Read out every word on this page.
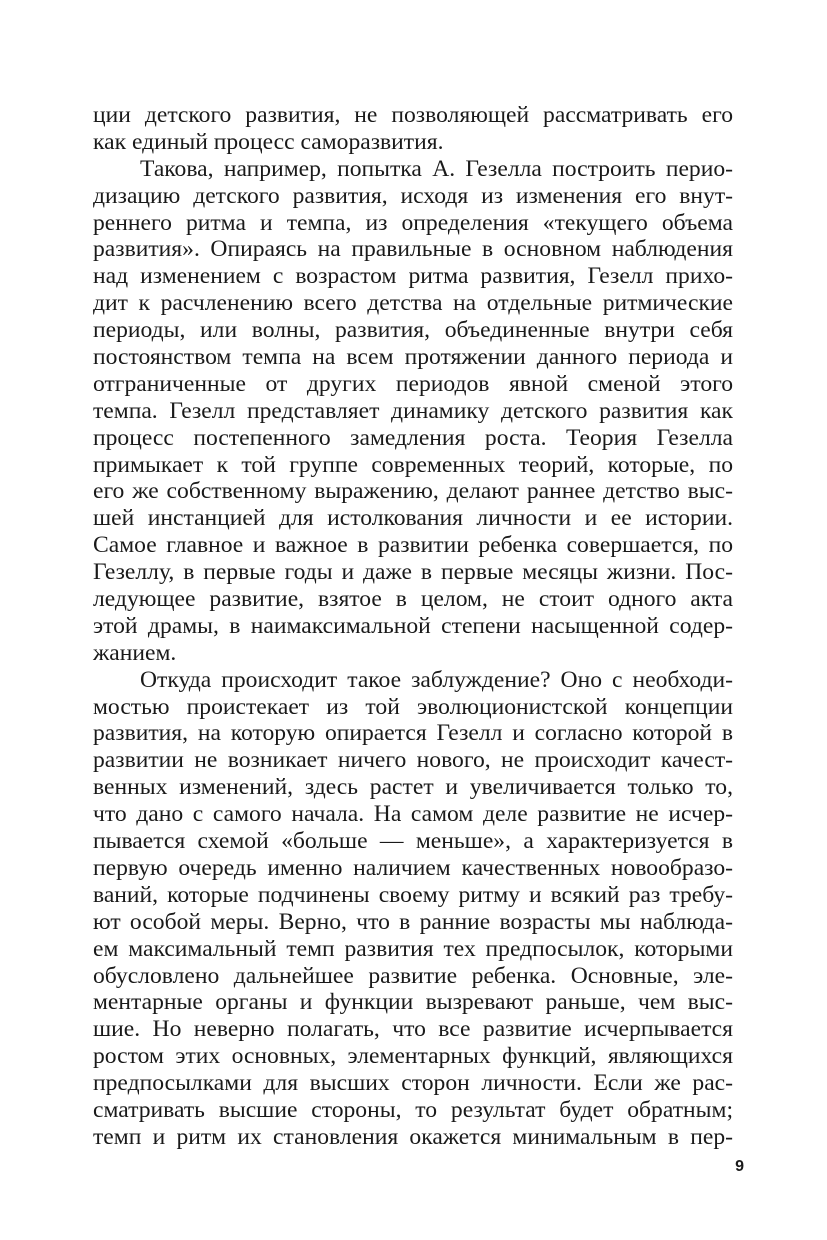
ции детского развития, не позволяющей рассматривать его
как единый процесс саморазвития.
Такова, например, попытка А. Гезелла построить перио-
дизацию детского развития, исходя из изменения его внут-
реннего ритма и темпа, из определения «текущего объема
развития». Опираясь на правильные в основном наблюдения
над изменением с возрастом ритма развития, Гезелл прихо-
дит к расчленению всего детства на отдельные ритмические
периоды, или волны, развития, объединенные внутри себя
постоянством темпа на всем протяжении данного периода и
отграниченные от других периодов явной сменой этого
темпа. Гезелл представляет динамику детского развития как
процесс постепенного замедления роста. Теория Гезелла
примыкает к той группе современных теорий, которые, по
его же собственному выражению, делают раннее детство выс-
шей инстанцией для истолкования личности и ее истории.
Самое главное и важное в развитии ребенка совершается, по
Гезеллу, в первые годы и даже в первые месяцы жизни. Пос-
ледующее развитие, взятое в целом, не стоит одного акта
этой драмы, в наимаксимальной степени насыщенной содер-
жанием.
Откуда происходит такое заблуждение? Оно с необходи-
мостью проистекает из той эволюционистской концепции
развития, на которую опирается Гезелл и согласно которой в
развитии не возникает ничего нового, не происходит качест-
венных изменений, здесь растет и увеличивается только то,
что дано с самого начала. На самом деле развитие не исчер-
пывается схемой «больше — меньше», а характеризуется в
первую очередь именно наличием качественных новообразо-
ваний, которые подчинены своему ритму и всякий раз требу-
ют особой меры. Верно, что в ранние возрасты мы наблюда-
ем максимальный темп развития тех предпосылок, которыми
обусловлено дальнейшее развитие ребенка. Основные, эле-
ментарные органы и функции вызревают раньше, чем выс-
шие. Но неверно полагать, что все развитие исчерпывается
ростом этих основных, элементарных функций, являющихся
предпосылками для высших сторон личности. Если же рас-
сматривать высшие стороны, то результат будет обратным;
темп и ритм их становления окажется минимальным в пер-
9
